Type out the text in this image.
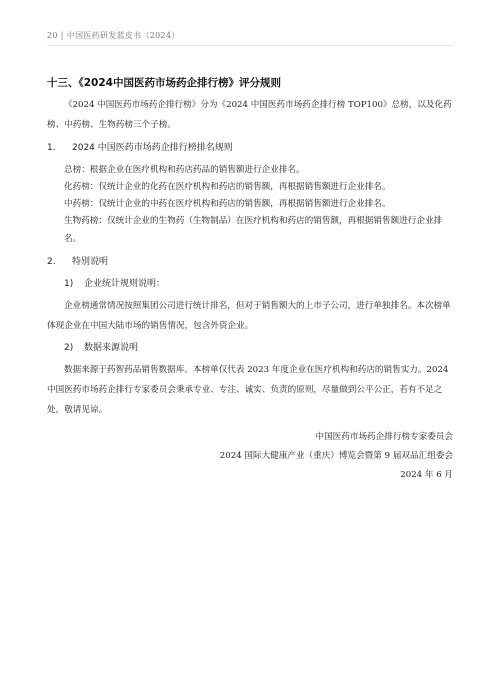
20 | 中国医药研发蓝皮书（2024）
十三、《2024中国医药市场药企排行榜》评分规则

《2024 中国医药市场药企排行榜》分为《2024 中国医药市场药企排行榜 TOP100》总榜，以及化药榜、中药榜、生物药榜三个子榜。

1. 2024 中国医药市场药企排行榜排名规则

总榜：根据企业在医疗机构和药店药品的销售额进行企业排名。

化药榜：仅统计企业的化药在医疗机构和药店的销售额，再根据销售额进行企业排名。

中药榜：仅统计企业的中药在医疗机构和药店的销售额，再根据销售额进行企业排名。

生物药榜：仅统计企业的生物药（生物制品）在医疗机构和药店的销售额，再根据销售额进行企业排名。

2. 特别说明
1) 企业统计规则说明：

企业榜通常情况按照集团公司进行统计排名，但对于销售额大的上市子公司，进行单独排名。本次榜单体现企业在中国大陆市场的销售情况，包含外资企业。

2) 数据来源说明

数据来源于药智药品销售数据库。本榜单仅代表 2023 年度企业在医疗机构和药店的销售实力。2024 中国医药市场药企排行专家委员会秉承专业、专注、诚实、负责的原则，尽量做到公平公正，若有不足之处，敬请见谅。

中国医药市场药企排行榜专家委员会
2024 国际大健康产业（重庆）博览会暨第 9 届双品汇组委会
2024 年 6 月
